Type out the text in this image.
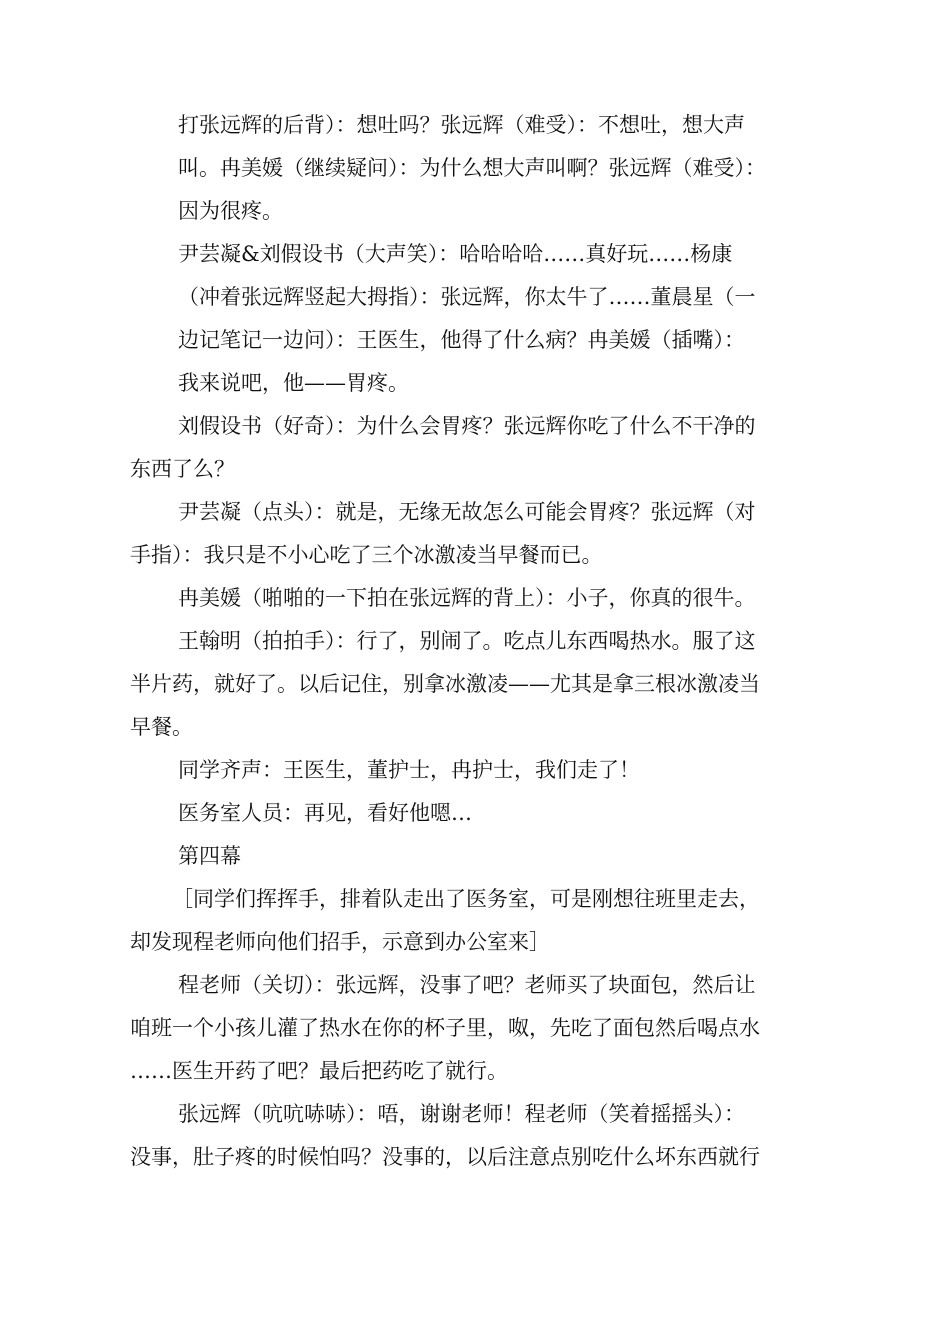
打张远辉的后背）：想吐吗？张远辉（难受）：不想吐，想大声
叫。冉美媛（继续疑问）：为什么想大声叫啊？张远辉（难受）：
因为很疼。
尹芸凝&刘假设书（大声笑）：哈哈哈哈……真好玩……杨康
（冲着张远辉竖起大拇指）：张远辉，你太牛了……董晨星（一
边记笔记一边问）：王医生，他得了什么病？冉美媛（插嘴）：
我来说吧，他——胃疼。
刘假设书（好奇）：为什么会胃疼？张远辉你吃了什么不干净的
东西了么？
尹芸凝（点头）：就是，无缘无故怎么可能会胃疼？张远辉（对
手指）：我只是不小心吃了三个冰激凌当早餐而已。
冉美媛（啪啪的一下拍在张远辉的背上）：小子，你真的很牛。
王翰明（拍拍手）：行了，别闹了。吃点儿东西喝热水。服了这
半片药，就好了。以后记住，别拿冰激凌——尤其是拿三根冰激凌当
早餐。
同学齐声：王医生，董护士，冉护士，我们走了！
医务室人员：再见，看好他嗯…
第四幕
［同学们挥挥手，排着队走出了医务室，可是刚想往班里走去，
却发现程老师向他们招手，示意到办公室来］
程老师（关切）：张远辉，没事了吧？老师买了块面包，然后让
咱班一个小孩儿灌了热水在你的杯子里，呶，先吃了面包然后喝点水
……医生开药了吧？最后把药吃了就行。
张远辉（吭吭哧哧）：唔，谢谢老师！程老师（笑着摇摇头）：
没事，肚子疼的时候怕吗？没事的，以后注意点别吃什么坏东西就行
